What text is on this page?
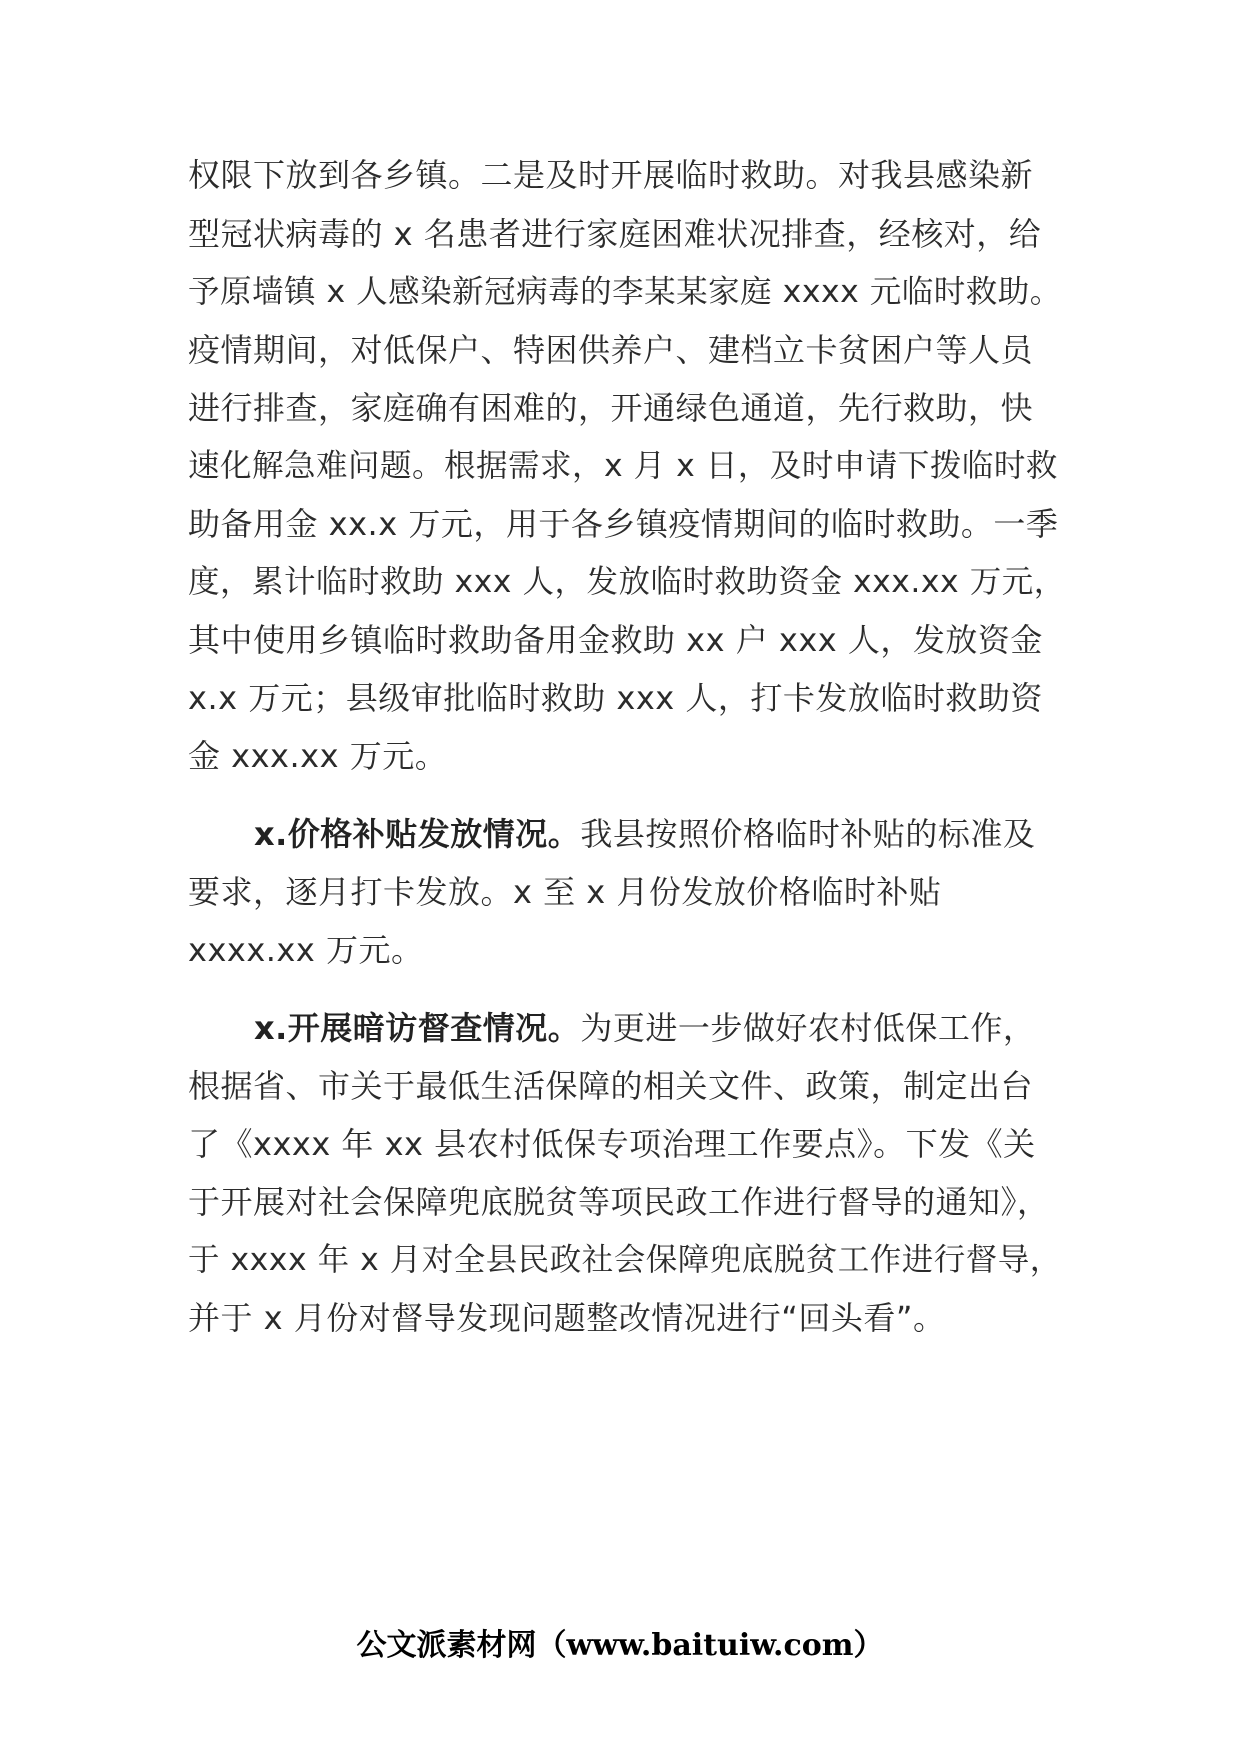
权限下放到各乡镇。二是及时开展临时救助。对我县感染新
型冠状病毒的 x 名患者进行家庭困难状况排查，经核对，给
予原墙镇 x 人感染新冠病毒的李某某家庭 xxxx 元临时救助。
疫情期间，对低保户、特困供养户、建档立卡贫困户等人员
进行排查，家庭确有困难的，开通绿色通道，先行救助，快
速化解急难问题。根据需求，x 月 x 日，及时申请下拨临时救
助备用金 xx.x 万元，用于各乡镇疫情期间的临时救助。一季
度，累计临时救助 xxx 人，发放临时救助资金 xxx.xx 万元，
其中使用乡镇临时救助备用金救助 xx 户 xxx 人，发放资金
x.x 万元；县级审批临时救助 xxx 人，打卡发放临时救助资
金 xxx.xx 万元。
x.价格补贴发放情况。我县按照价格临时补贴的标准及
要求，逐月打卡发放。x 至 x 月份发放价格临时补贴
xxxx.xx 万元。
x.开展暗访督查情况。为更进一步做好农村低保工作，
根据省、市关于最低生活保障的相关文件、政策，制定出台
了《xxxx 年 xx 县农村低保专项治理工作要点》。下发《关
于开展对社会保障兜底脱贫等项民政工作进行督导的通知》，
于 xxxx 年 x 月对全县民政社会保障兜底脱贫工作进行督导，
并于 x 月份对督导发现问题整改情况进行“回头看”。
公文派素材网（www.baituiw.com）
